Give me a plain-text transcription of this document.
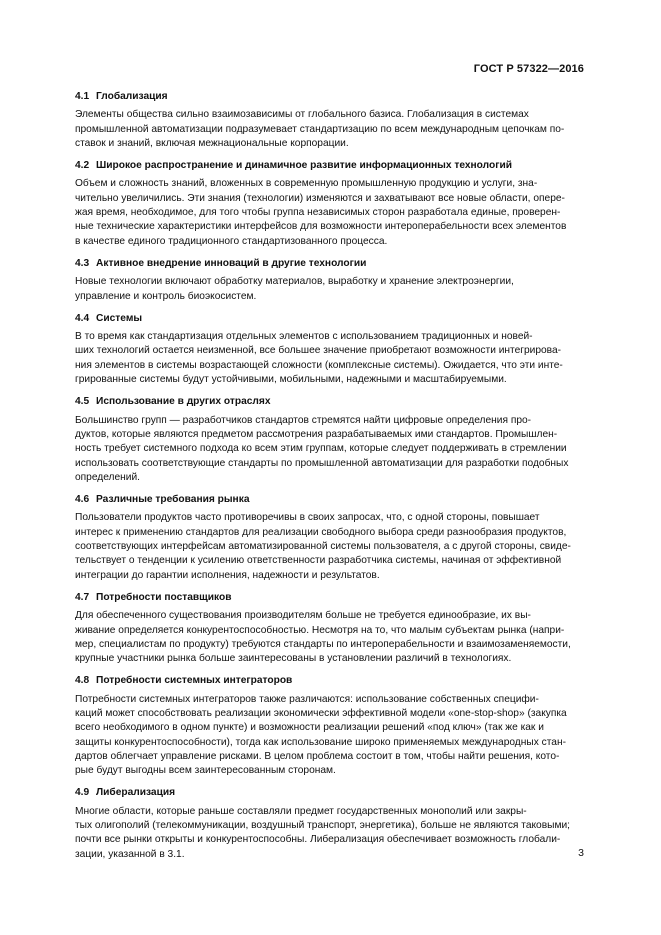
ГОСТ Р 57322—2016
4.1 Глобализация
Элементы общества сильно взаимозависимы от глобального базиса. Глобализация в системах
промышленной автоматизации подразумевает стандартизацию по всем международным цепочкам по-
ставок и знаний, включая межнациональные корпорации.
4.2 Широкое распространение и динамичное развитие информационных технологий
Объем и сложность знаний, вложенных в современную промышленную продукцию и услуги, зна-
чительно увеличились. Эти знания (технологии) изменяются и захватывают все новые области, опере-
жая время, необходимое, для того чтобы группа независимых сторон разработала единые, проверен-
ные технические характеристики интерфейсов для возможности интероперабельности всех элементов
в качестве единого традиционного стандартизованного процесса.
4.3 Активное внедрение инноваций в другие технологии
Новые технологии включают обработку материалов, выработку и хранение электроэнергии,
управление и контроль биоэкосистем.
4.4 Системы
В то время как стандартизация отдельных элементов с использованием традиционных и новей-
ших технологий остается неизменной, все большее значение приобретают возможности интегрирова-
ния элементов в системы возрастающей сложности (комплексные системы). Ожидается, что эти инте-
грированные системы будут устойчивыми, мобильными, надежными и масштабируемыми.
4.5 Использование в других отраслях
Большинство групп — разработчиков стандартов стремятся найти цифровые определения про-
дуктов, которые являются предметом рассмотрения разрабатываемых ими стандартов. Промышлен-
ность требует системного подхода ко всем этим группам, которые следует поддерживать в стремлении
использовать соответствующие стандарты по промышленной автоматизации для разработки подобных
определений.
4.6 Различные требования рынка
Пользователи продуктов часто противоречивы в своих запросах, что, с одной стороны, повышает
интерес к применению стандартов для реализации свободного выбора среди разнообразия продуктов,
соответствующих интерфейсам автоматизированной системы пользователя, а с другой стороны, свиде-
тельствует о тенденции к усилению ответственности разработчика системы, начиная от эффективной
интеграции до гарантии исполнения, надежности и результатов.
4.7 Потребности поставщиков
Для обеспеченного существования производителям больше не требуется единообразие, их вы-
живание определяется конкурентоспособностью. Несмотря на то, что малым субъектам рынка (напри-
мер, специалистам по продукту) требуются стандарты по интероперабельности и взаимозаменяемости,
крупные участники рынка больше заинтересованы в установлении различий в технологиях.
4.8 Потребности системных интеграторов
Потребности системных интеграторов также различаются: использование собственных специфи-
каций может способствовать реализации экономически эффективной модели «one-stop-shop» (закупка
всего необходимого в одном пункте) и возможности реализации решений «под ключ» (так же как и
защиты конкурентоспособности), тогда как использование широко применяемых международных стан-
дартов облегчает управление рисками. В целом проблема состоит в том, чтобы найти решения, кото-
рые будут выгодны всем заинтересованным сторонам.
4.9 Либерализация
Многие области, которые раньше составляли предмет государственных монополий или закры-
тых олигополий (телекоммуникации, воздушный транспорт, энергетика), больше не являются таковыми;
почти все рынки открыты и конкурентоспособны. Либерализация обеспечивает возможность глобали-
зации, указанной в 3.1.	3
